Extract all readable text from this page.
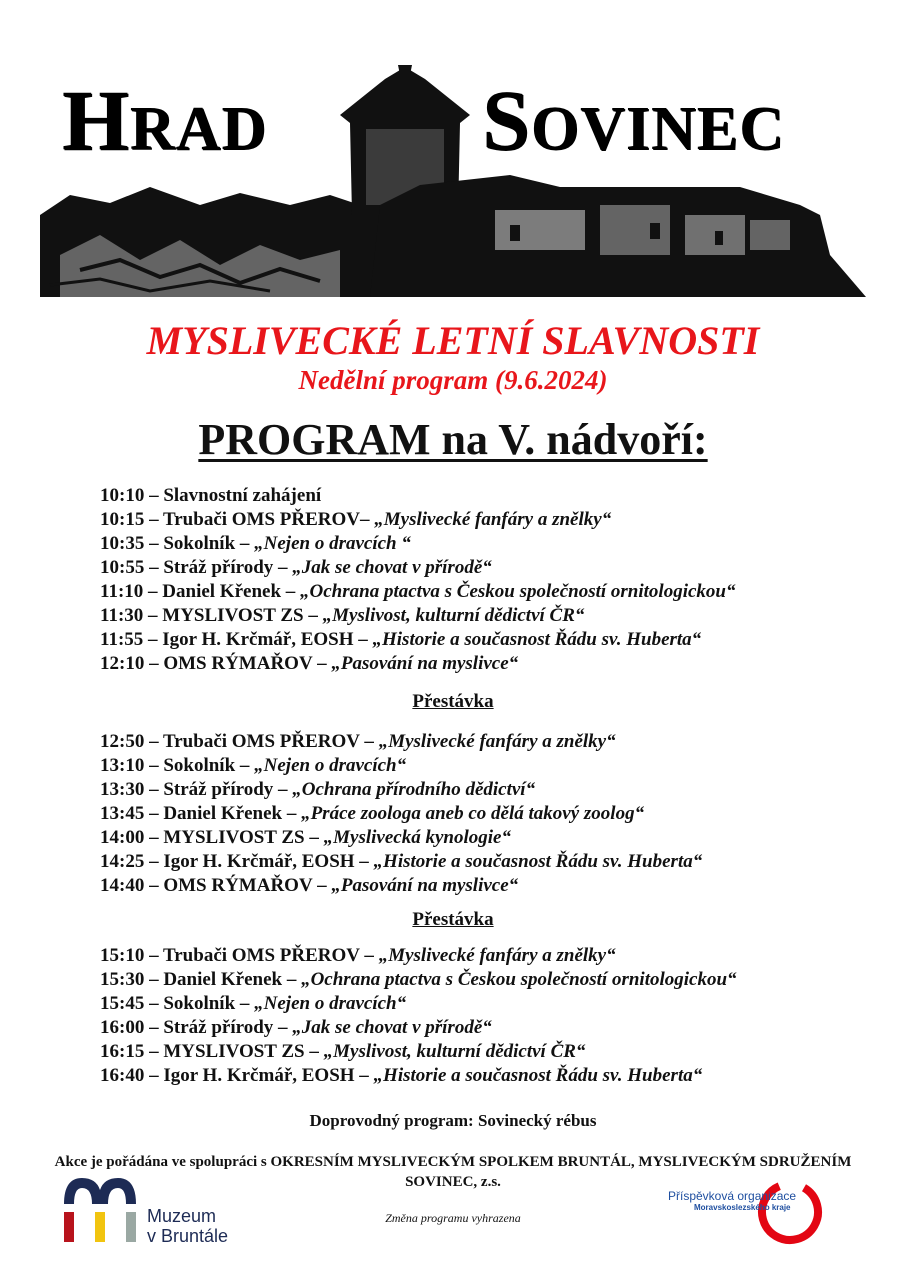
HRAD SOVINEC
MYSLIVECKÉ LETNÍ SLAVNOSTI
Nedělní program (9.6.2024)
PROGRAM na V. nádvoří:
10:10 – Slavnostní zahájení
10:15 – Trubači OMS PŘEROV– „Myslivecké fanfáry a znělky“
10:35 – Sokolník – „Nejen o dravcích “
10:55 – Stráž přírody – „Jak se chovat v přírodě“
11:10 – Daniel Křenek – „Ochrana ptactva s Českou společností ornitologickou“
11:30 – MYSLIVOST ZS – „Myslivost, kulturní dědictví ČR“
11:55 – Igor H. Krčmář, EOSH – „Historie a současnost Řádu sv. Huberta“
12:10 – OMS RÝMAŘOV – „Pasování na myslivce“
Přestávka
12:50 – Trubači OMS PŘEROV – „Myslivecké fanfáry a znělky“
13:10 – Sokolník – „Nejen o dravcích“
13:30 – Stráž přírody – „Ochrana přírodního dědictví“
13:45 – Daniel Křenek – „Práce zoologa aneb co dělá takový zoolog“
14:00 – MYSLIVOST ZS – „Myslivecká kynologie“
14:25 – Igor H. Krčmář, EOSH – „Historie a současnost Řádu sv. Huberta“
14:40 – OMS RÝMAŘOV – „Pasování na myslivce“
Přestávka
15:10 – Trubači OMS PŘEROV – „Myslivecké fanfáry a znělky“
15:30 – Daniel Křenek – „Ochrana ptactva s Českou společností ornitologickou“
15:45 – Sokolník – „Nejen o dravcích“
16:00 – Stráž přírody – „Jak se chovat v přírodě“
16:15 – MYSLIVOST ZS – „Myslivost, kulturní dědictví ČR“
16:40 – Igor H. Krčmář, EOSH – „Historie a současnost Řádu sv. Huberta“
Doprovodný program: Sovinecký rébus
Akce je pořádána ve spolupráci s OKRESNÍM MYSLIVECKÝM SPOLKEM BRUNTÁL, MYSLIVECKÝM SDRUŽENÍM SOVINEC, z.s.
Změna programu vyhrazena
Muzeum
v Bruntále
Příspěvková organizace
Moravskoslezského kraje
